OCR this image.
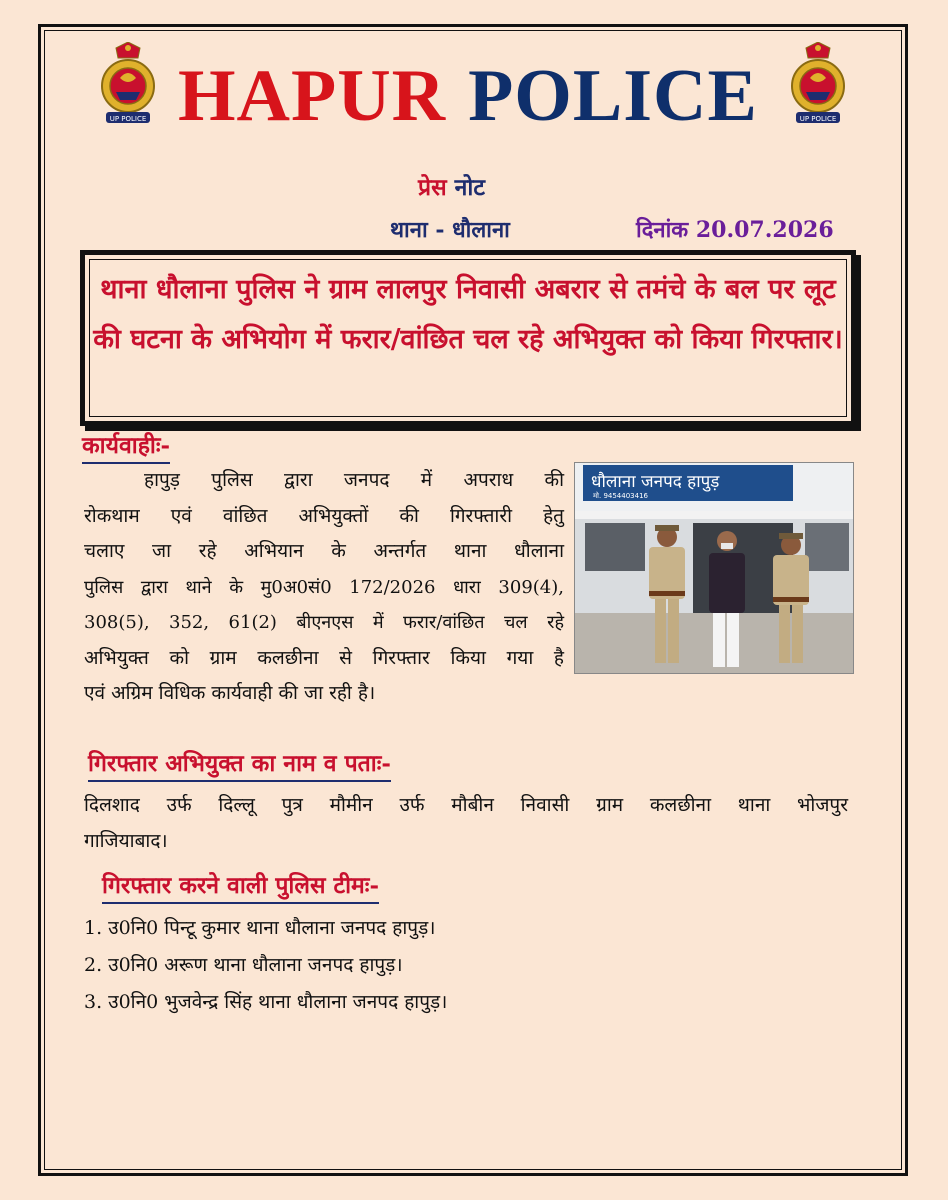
UP POLICE HAPUR POLICE	UP POLICE
प्रेस नोट
थाना - धौलाना	दिनांक 20.07.2026
थाना धौलाना पुलिस ने ग्राम लालपुर निवासी अबरार से तमंचे के बल पर लूट की घटना के अभियोग में फरार/वांछित चल रहे अभियुक्त को किया गिरफ्तार।
कार्यवाहीः-
हापुड़ पुलिस द्वारा जनपद में अपराध की
रोकथाम एवं वांछित अभियुक्तों की गिरफ्तारी हेतु
चलाए जा रहे अभियान के अन्तर्गत थाना धौलाना
पुलिस द्वारा थाने के मु0अ0सं0 172/2026 धारा 309(4),
308(5), 352, 61(2) बीएनएस में फरार/वांछित चल रहे
अभियुक्त को ग्राम कलछीना से गिरफ्तार किया गया है
एवं अग्रिम विधिक कार्यवाही की जा रही है।
धौलाना जनपद हापुड़
मो. 9454403416
गिरफ्तार अभियुक्त का नाम व पताः-
दिलशाद उर्फ दिल्लू पुत्र मौमीन उर्फ मौबीन निवासी ग्राम कलछीना थाना भोजपुर
गाजियाबाद।
गिरफ्तार करने वाली पुलिस टीमः-
1. उ0नि0 पिन्टू कुमार थाना धौलाना जनपद हापुड़।
2. उ0नि0 अरूण थाना धौलाना जनपद हापुड़।
3. उ0नि0 भुजवेन्द्र सिंह थाना धौलाना जनपद हापुड़।
